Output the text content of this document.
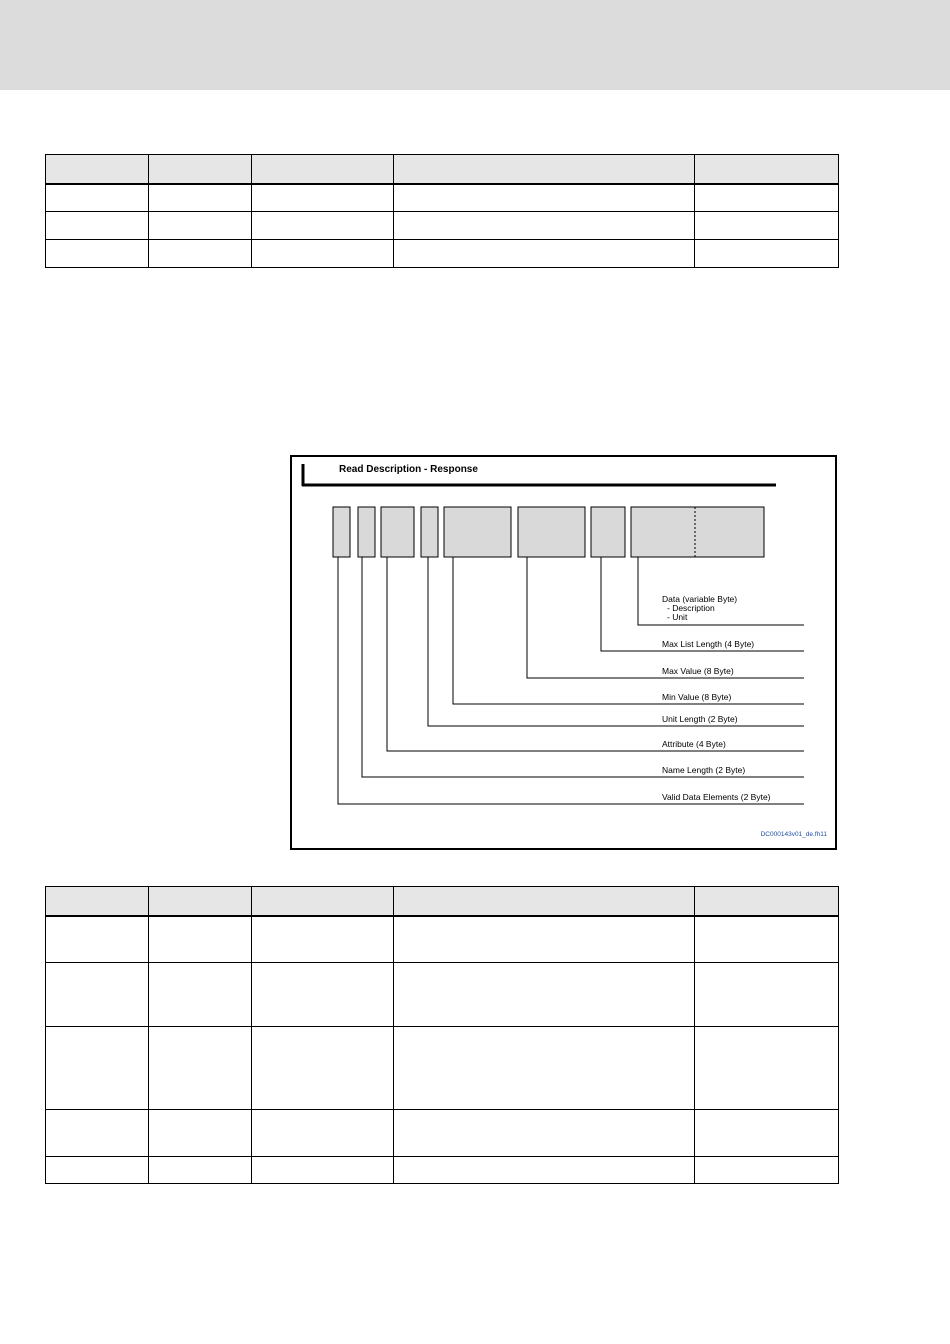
Read Description - Response
Data (variable Byte)
- Description
- Unit
Max List Length (4 Byte)
Max Value (8 Byte)
Min Value (8 Byte)
Unit Length (2 Byte)
Attribute (4 Byte)
Name Length (2 Byte)
Valid Data Elements (2 Byte)
DC000143v01_de.fh11
